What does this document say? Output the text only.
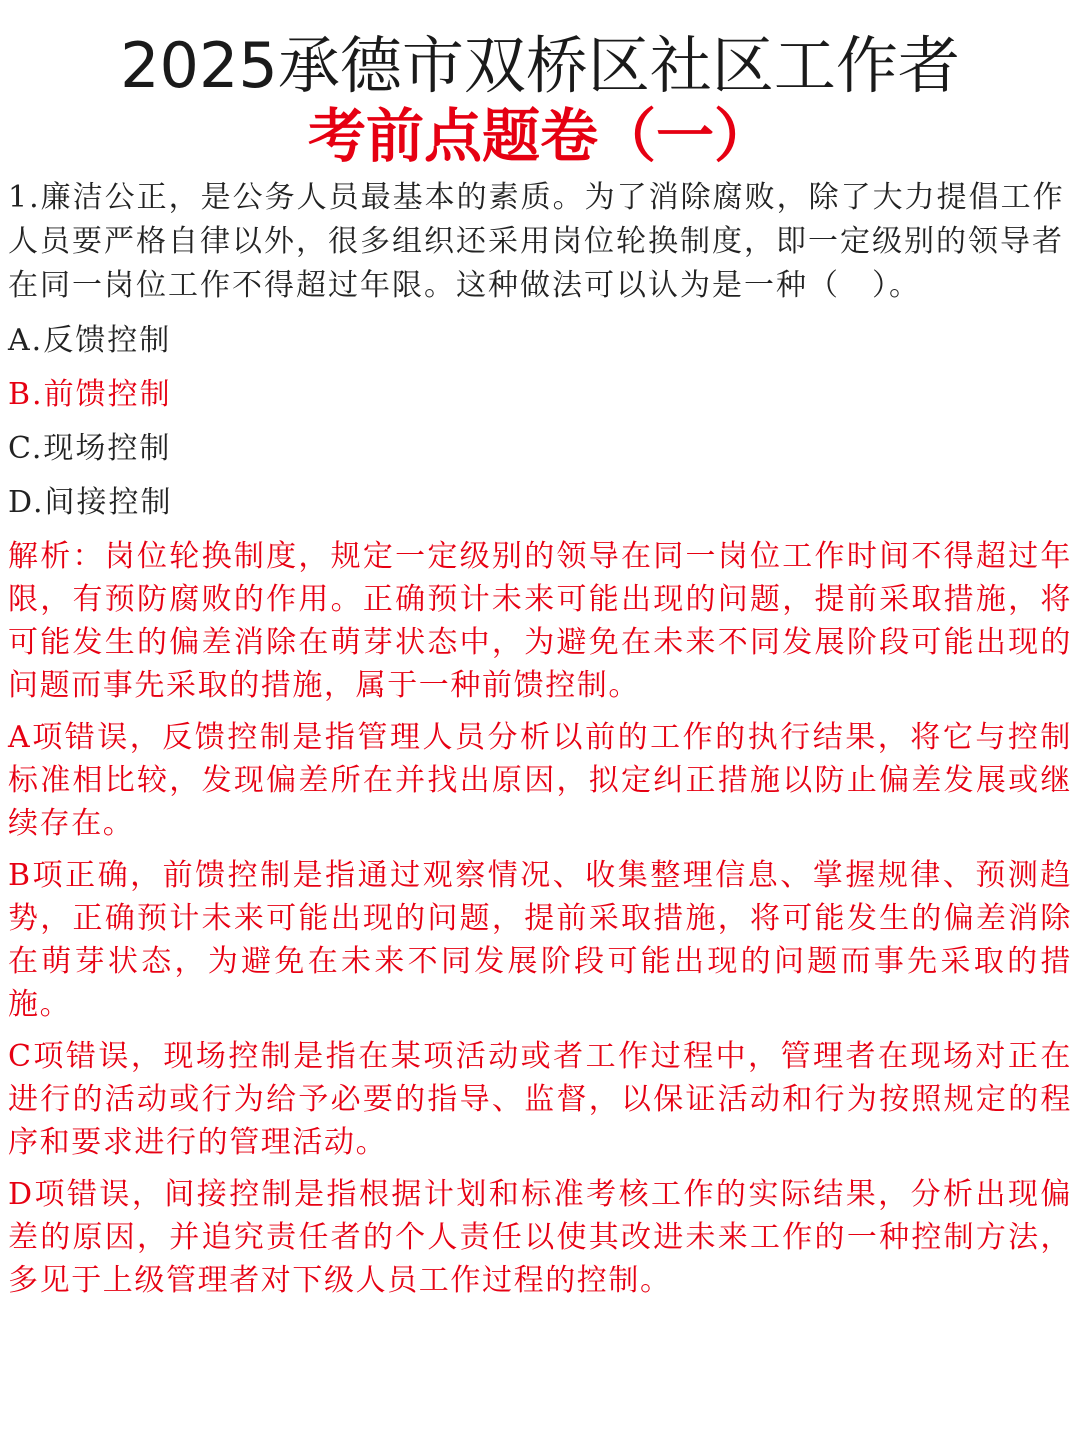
2025承德市双桥区社区工作者
考前点题卷（一）
1.廉洁公正，是公务人员最基本的素质。为了消除腐败，除了大力提倡工作人员要严格自律以外，很多组织还采用岗位轮换制度，即一定级别的领导者在同一岗位工作不得超过年限。这种做法可以认为是一种（　）。
A.反馈控制
B.前馈控制
C.现场控制
D.间接控制
解析：岗位轮换制度，规定一定级别的领导在同一岗位工作时间不得超过年限，有预防腐败的作用。正确预计未来可能出现的问题，提前采取措施，将可能发生的偏差消除在萌芽状态中，为避免在未来不同发展阶段可能出现的问题而事先采取的措施，属于一种前馈控制。
A项错误，反馈控制是指管理人员分析以前的工作的执行结果，将它与控制标准相比较，发现偏差所在并找出原因，拟定纠正措施以防止偏差发展或继续存在。
B项正确，前馈控制是指通过观察情况、收集整理信息、掌握规律、预测趋势，正确预计未来可能出现的问题，提前采取措施，将可能发生的偏差消除在萌芽状态，为避免在未来不同发展阶段可能出现的问题而事先采取的措施。
C项错误，现场控制是指在某项活动或者工作过程中，管理者在现场对正在进行的活动或行为给予必要的指导、监督，以保证活动和行为按照规定的程序和要求进行的管理活动。
D项错误，间接控制是指根据计划和标准考核工作的实际结果，分析出现偏差的原因，并追究责任者的个人责任以使其改进未来工作的一种控制方法，多见于上级管理者对下级人员工作过程的控制。
